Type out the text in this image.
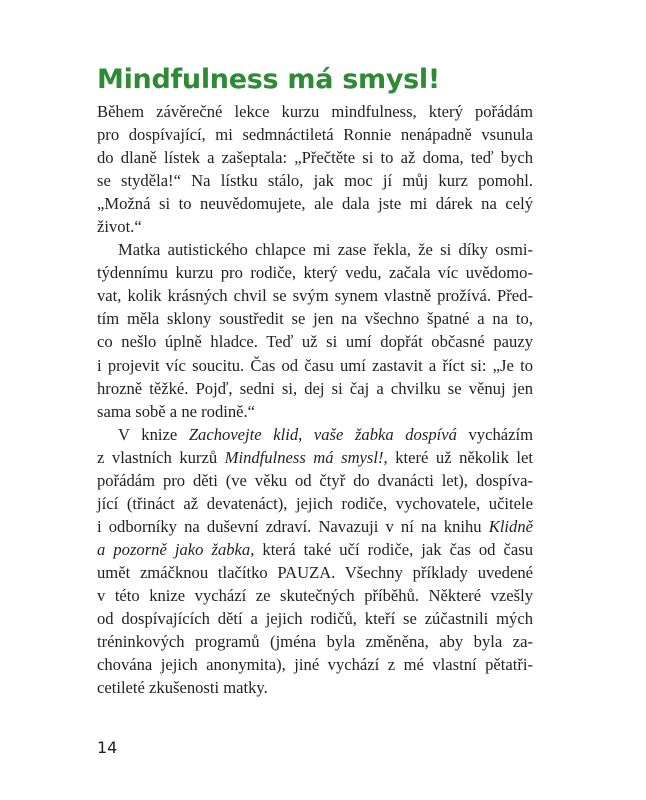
Mindfulness má smysl!
Během závěrečné lekce kurzu mindfulness, který pořádám
pro dospívající, mi sedmnáctiletá Ronnie nenápadně vsunula
do dlaně lístek a zašeptala: „Přečtěte si to až doma, teď bych
se styděla!“ Na lístku stálo, jak moc jí můj kurz pomohl.
„Možná si to neuvědomujete, ale dala jste mi dárek na celý
život.“
Matka autistického chlapce mi zase řekla, že si díky osmi-
týdennímu kurzu pro rodiče, který vedu, začala víc uvědomo-
vat, kolik krásných chvil se svým synem vlastně prožívá. Před-
tím měla sklony soustředit se jen na všechno špatné a na to,
co nešlo úplně hladce. Teď už si umí dopřát občasné pauzy
i projevit víc soucitu. Čas od času umí zastavit a říct si: „Je to
hrozně těžké. Pojď, sedni si, dej si čaj a chvilku se věnuj jen
sama sobě a ne rodině.“
V knize Zachovejte klid, vaše žabka dospívá vycházím
z vlastních kurzů Mindfulness má smysl!, které už několik let
pořádám pro děti (ve věku od čtyř do dvanácti let), dospíva-
jící (třináct až devatenáct), jejich rodiče, vychovatele, učitele
i odborníky na duševní zdraví. Navazuji v ní na knihu Klidně
a pozorně jako žabka, která také učí rodiče, jak čas od času
umět zmáčknou tlačítko PAUZA. Všechny příklady uvedené
v této knize vychází ze skutečných příběhů. Některé vzešly
od dospívajících dětí a jejich rodičů, kteří se zúčastnili mých
tréninkových programů (jména byla změněna, aby byla za-
chována jejich anonymita), jiné vychází z mé vlastní pětatři-
cetileté zkušenosti matky.
14
